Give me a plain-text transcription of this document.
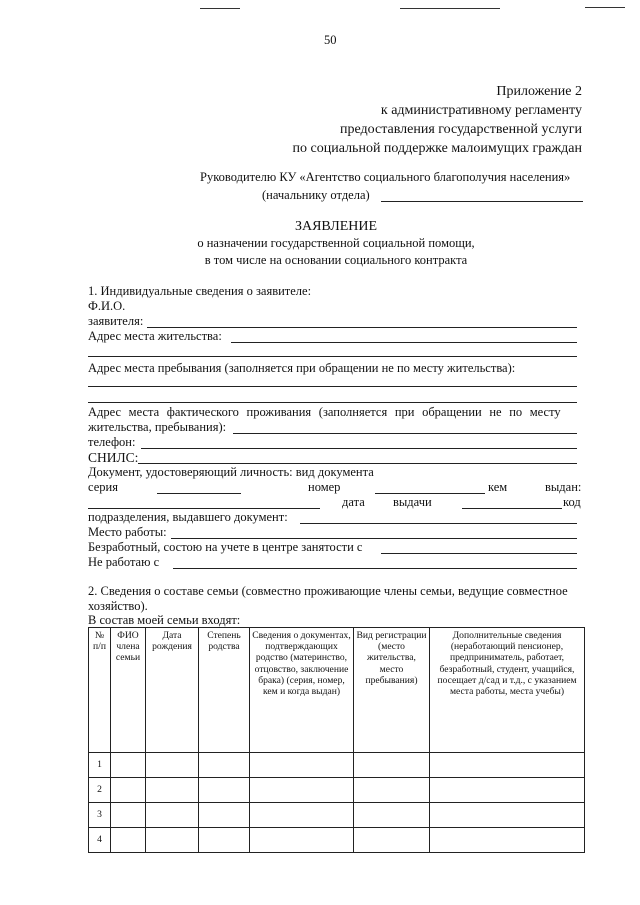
50
Приложение 2
к административному регламенту
предоставления государственной услуги
по социальной поддержке малоимущих граждан
Руководителю КУ «Агентство социального благополучия населения»
(начальнику отдела)
ЗАЯВЛЕНИЕ
о назначении государственной социальной помощи,
в том числе на основании социального контракта
1. Индивидуальные сведения о заявителе:
Ф.И.О.
заявителя:
Адрес места жительства:
Адрес места пребывания (заполняется при обращении не по месту жительства):
Адрес места фактического проживания (заполняется при обращении не по месту
жительства, пребывания):
телефон:
СНИЛС:
Документ, удостоверяющий личность: вид документа
серия	номер	кем	выдан:
дата выдачи	код
подразделения, выдавшего документ:
Место работы:
Безработный, состою на учете в центре занятости с
Не работаю с
2. Сведения о составе семьи (совместно проживающие члены семьи, ведущие совместное
хозяйство).
В состав моей семьи входят:
№ п/п	ФИО члена семьи	Дата рождения	Степень родства	Сведения о документах, подтверждающих родство (материнство, отцовство, заключение брака) (серия, номер, кем и когда выдан)	Вид регистрации (место жительства, место пребывания)	Дополнительные сведения (неработающий пенсионер, предприниматель, работает, безработный, студент, учащийся, посещает д/сад и т.д., с указанием места работы, места учебы)
1						
2						
3						
4						
